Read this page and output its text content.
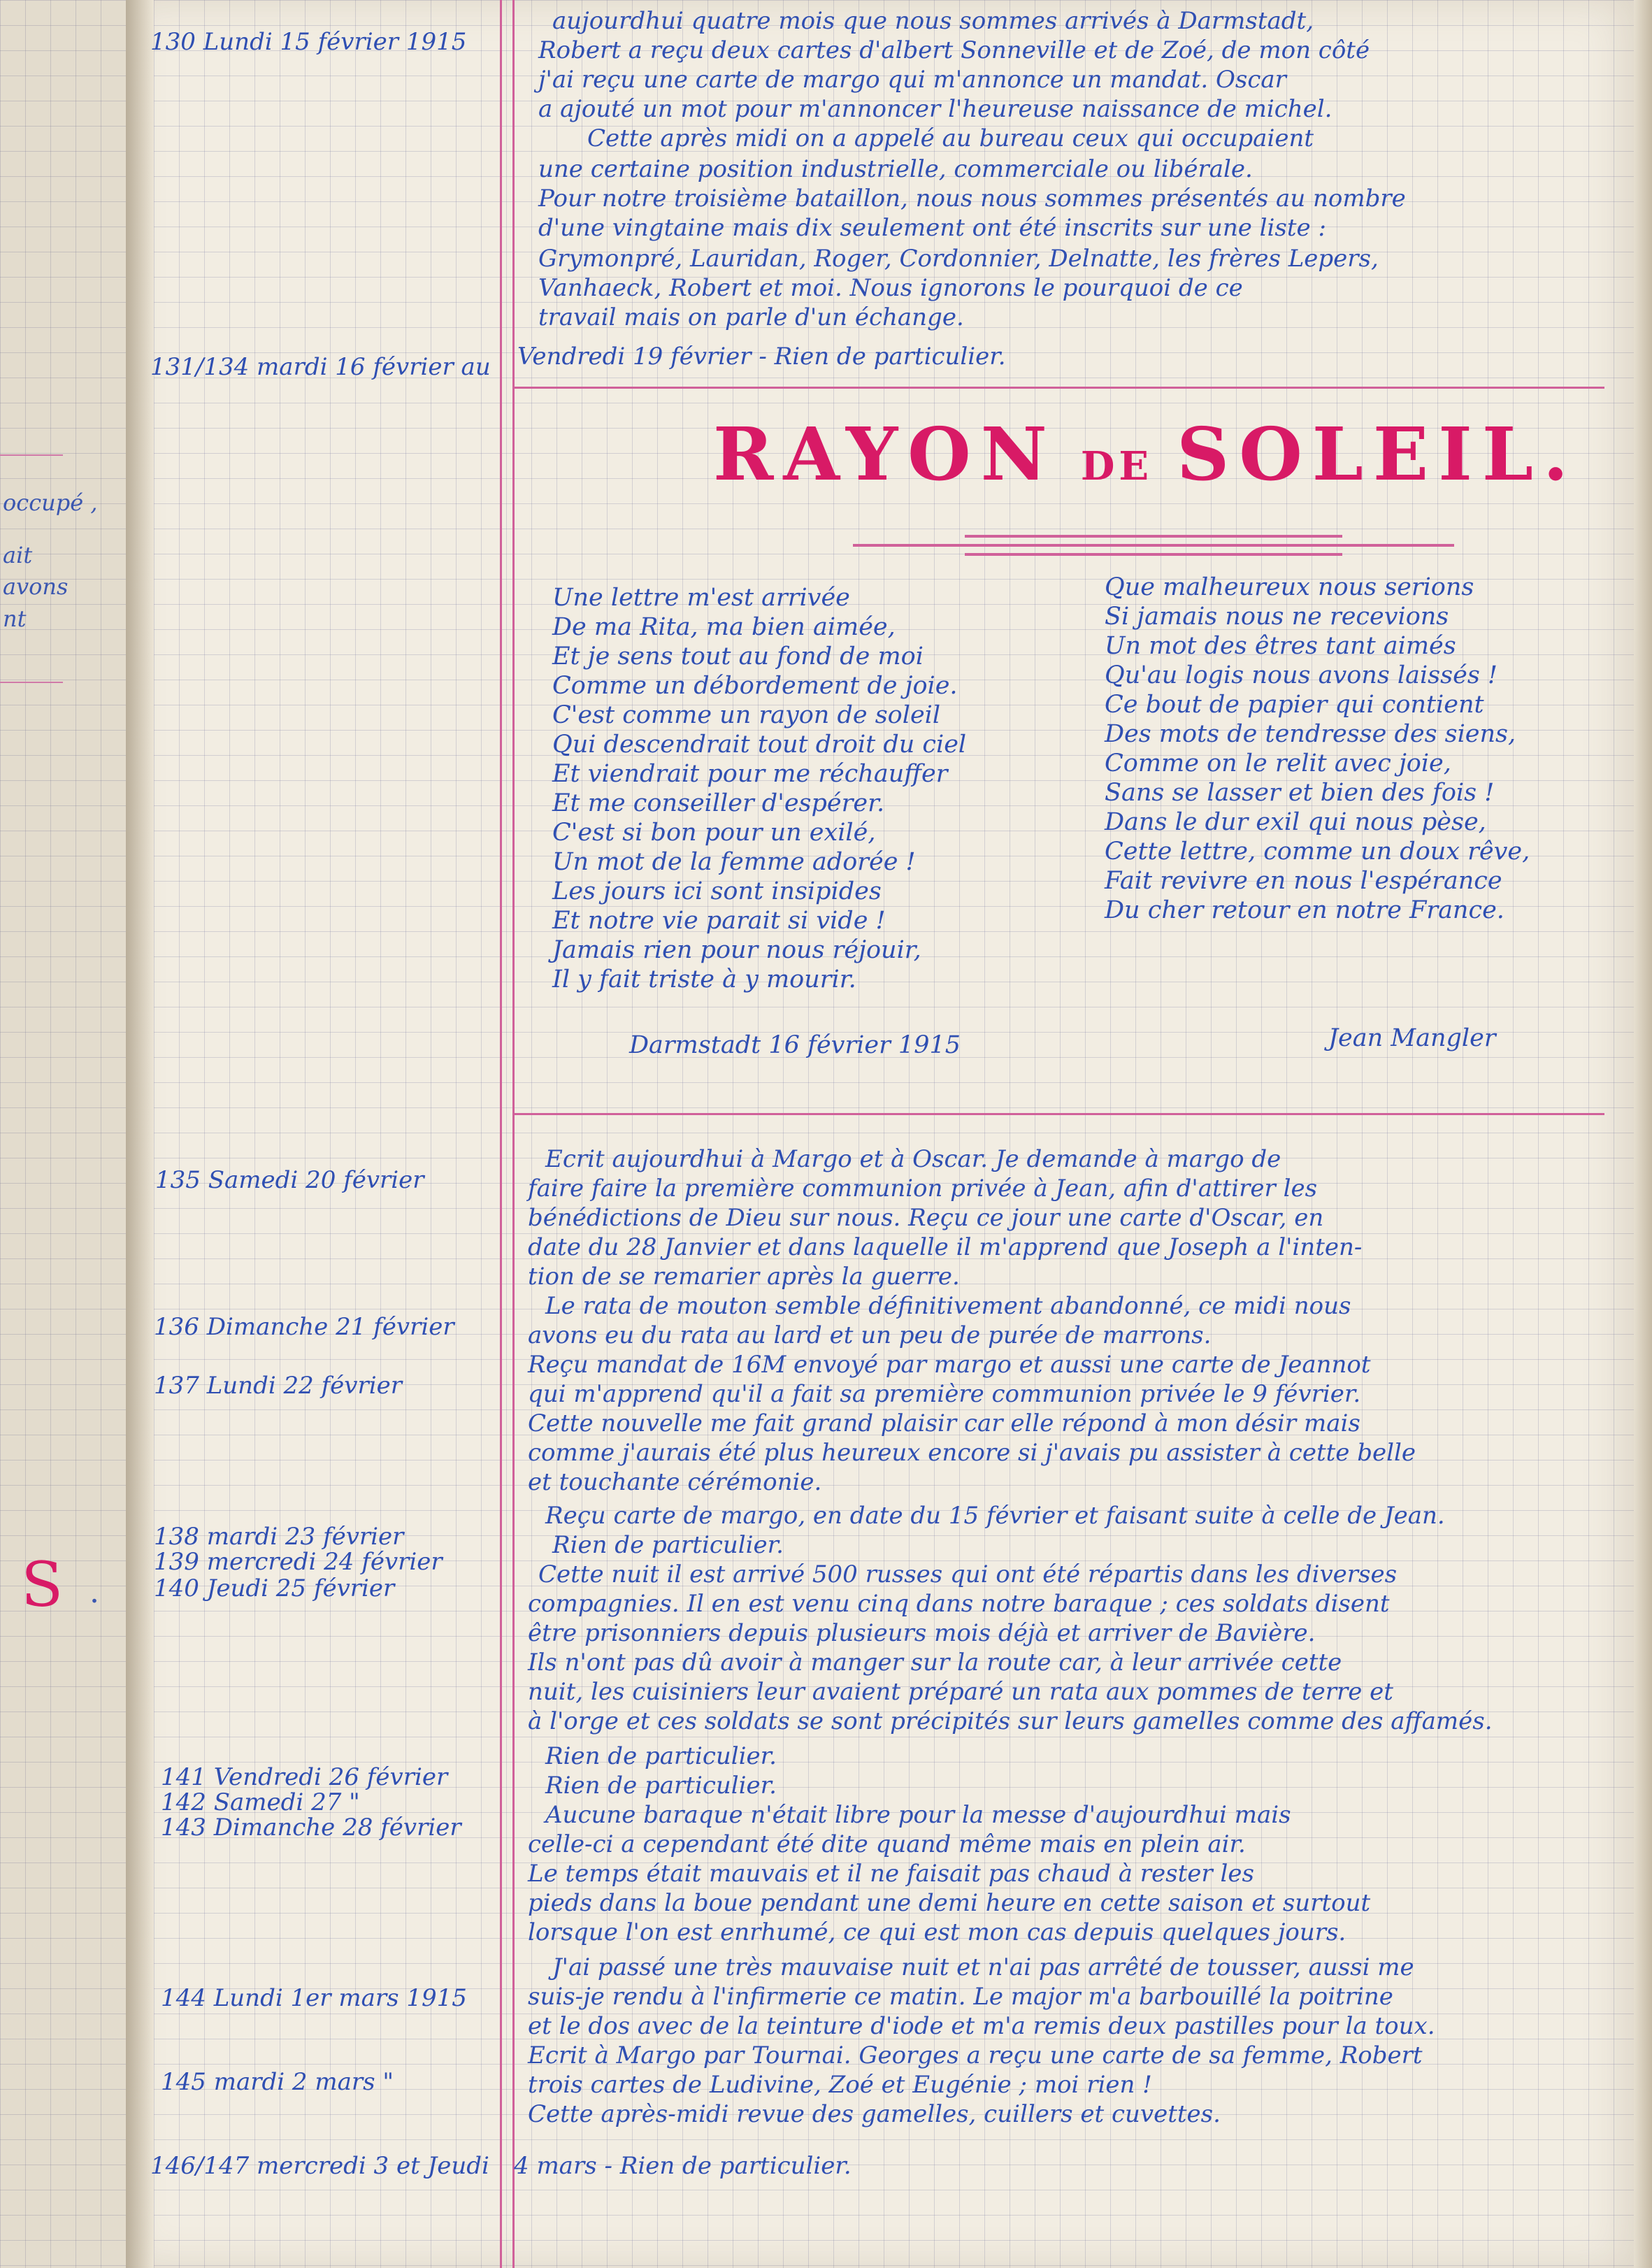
occupé ,
ait
avons
nt
S .
130 Lundi 15 février 1915
aujourdhui quatre mois que nous sommes arrivés à Darmstadt,
Robert a reçu deux cartes d'albert Sonneville et de Zoé, de mon côté
j'ai reçu une carte de margo qui m'annonce un mandat. Oscar
a ajouté un mot pour m'annoncer l'heureuse naissance de michel.
Cette après midi on a appelé au bureau ceux qui occupaient
une certaine position industrielle, commerciale ou libérale.
Pour notre troisième bataillon, nous nous sommes présentés au nombre
d'une vingtaine mais dix seulement ont été inscrits sur une liste :
Grymonpré, Lauridan, Roger, Cordonnier, Delnatte, les frères Lepers,
Vanhaeck, Robert et moi. Nous ignorons le pourquoi de ce
travail mais on parle d'un échange.
131/134 mardi 16 février au Vendredi 19 février - Rien de particulier.
RAYON DE SOLEIL.
Une lettre m'est arrivée
De ma Rita, ma bien aimée,
Et je sens tout au fond de moi
Comme un débordement de joie.
C'est comme un rayon de soleil
Qui descendrait tout droit du ciel
Et viendrait pour me réchauffer
Et me conseiller d'espérer.
C'est si bon pour un exilé,
Un mot de la femme adorée !
Les jours ici sont insipides
Et notre vie parait si vide !
Jamais rien pour nous réjouir,
Il y fait triste à y mourir.
Que malheureux nous serions
Si jamais nous ne recevions
Un mot des êtres tant aimés
Qu'au logis nous avons laissés !
Ce bout de papier qui contient
Des mots de tendresse des siens,
Comme on le relit avec joie,
Sans se lasser et bien des fois !
Dans le dur exil qui nous pèse,
Cette lettre, comme un doux rêve,
Fait revivre en nous l'espérance
Du cher retour en notre France.
Darmstadt 16 février 1915	Jean Mangler
135 Samedi 20 février
Ecrit aujourdhui à Margo et à Oscar. Je demande à margo de
faire faire la première communion privée à Jean, afin d'attirer les
bénédictions de Dieu sur nous. Reçu ce jour une carte d'Oscar, en
date du 28 Janvier et dans laquelle il m'apprend que Joseph a l'inten-
tion de se remarier après la guerre.
136 Dimanche 21 février
Le rata de mouton semble définitivement abandonné, ce midi nous
avons eu du rata au lard et un peu de purée de marrons.
137 Lundi 22 février
Reçu mandat de 16M envoyé par margo et aussi une carte de Jeannot
qui m'apprend qu'il a fait sa première communion privée le 9 février.
Cette nouvelle me fait grand plaisir car elle répond à mon désir mais
comme j'aurais été plus heureux encore si j'avais pu assister à cette belle
et touchante cérémonie.
138 mardi 23 février
Reçu carte de margo, en date du 15 février et faisant suite à celle de Jean.
139 mercredi 24 février
Rien de particulier.
140 Jeudi 25 février	Cette nuit il est arrivé 500 russes qui ont été répartis dans les diverses
compagnies. Il en est venu cinq dans notre baraque ; ces soldats disent
être prisonniers depuis plusieurs mois déjà et arriver de Bavière.
Ils n'ont pas dû avoir à manger sur la route car, à leur arrivée cette
nuit, les cuisiniers leur avaient préparé un rata aux pommes de terre et
à l'orge et ces soldats se sont précipités sur leurs gamelles comme des affamés.
141 Vendredi 26 février
Rien de particulier.
142 Samedi 27 "
Rien de particulier.
143 Dimanche 28 février	Aucune baraque n'était libre pour la messe d'aujourdhui mais
celle-ci a cependant été dite quand même mais en plein air.
Le temps était mauvais et il ne faisait pas chaud à rester les
pieds dans la boue pendant une demi heure en cette saison et surtout
lorsque l'on est enrhumé, ce qui est mon cas depuis quelques jours.
144 Lundi 1er mars 1915
J'ai passé une très mauvaise nuit et n'ai pas arrêté de tousser, aussi me
suis-je rendu à l'infirmerie ce matin. Le major m'a barbouillé la poitrine
et le dos avec de la teinture d'iode et m'a remis deux pastilles pour la toux.
145 mardi 2 mars "
Ecrit à Margo par Tournai. Georges a reçu une carte de sa femme, Robert
trois cartes de Ludivine, Zoé et Eugénie ; moi rien !
Cette après-midi revue des gamelles, cuillers et cuvettes.
146/147 mercredi 3 et Jeudi 4 mars - Rien de particulier.
